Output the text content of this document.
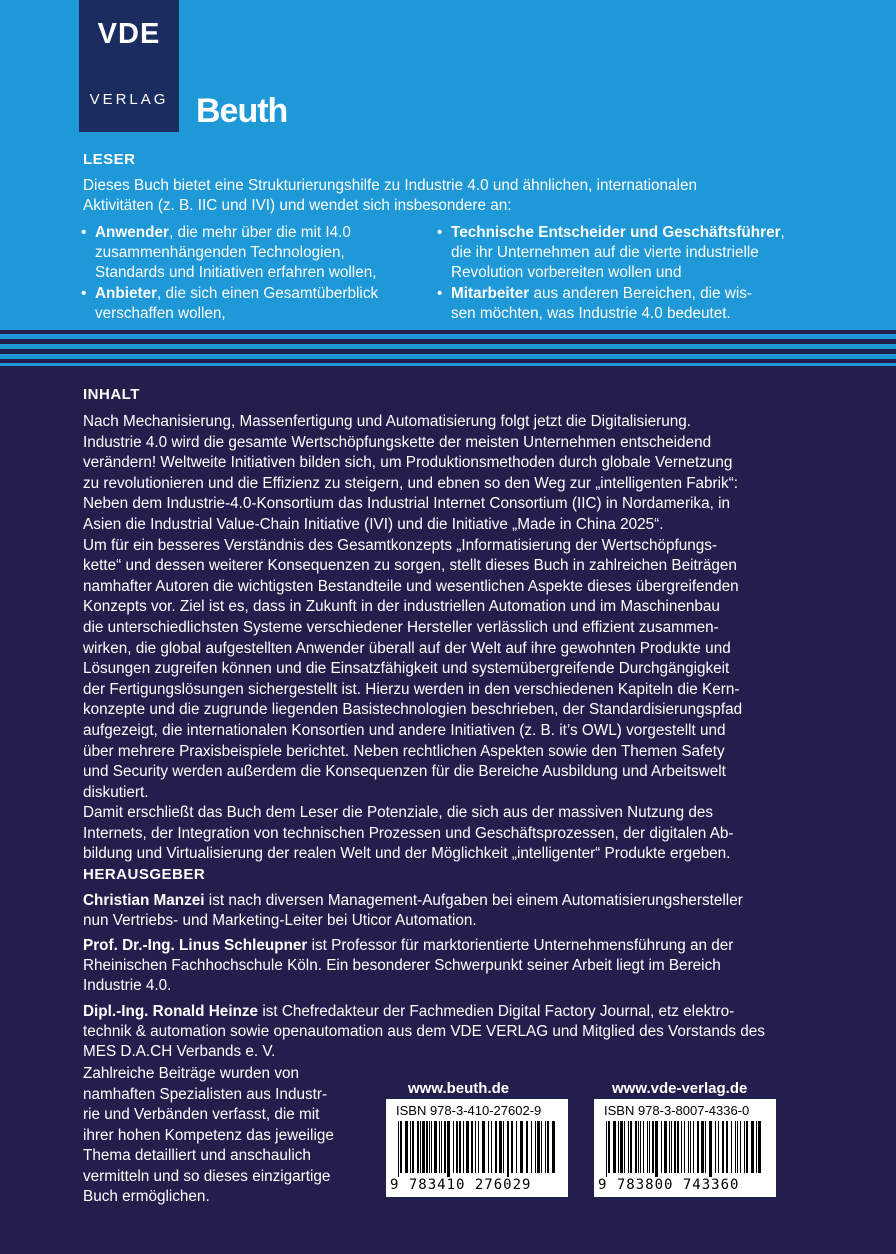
VDE
VERLAG Beuth
LESER

Dieses Buch bietet eine Strukturierungshilfe zu Industrie 4.0 und ähnlichen, internationalen
Aktivitäten (z. B. IIC und IVI) und wendet sich insbesondere an:

• Anwender, die mehr über die mit I4.0
zusammenhängenden Technologien,
Standards und Initiativen erfahren wollen,
• Anbieter, die sich einen Gesamtüberblick
verschaffen wollen,
• Technische Entscheider und Geschäftsführer,
die ihr Unternehmen auf die vierte industrielle
Revolution vorbereiten wollen und
• Mitarbeiter aus anderen Bereichen, die wis-
sen möchten, was Industrie 4.0 bedeutet.
INHALT

Nach Mechanisierung, Massenfertigung und Automatisierung folgt jetzt die Digitalisierung.
Industrie 4.0 wird die gesamte Wertschöpfungskette der meisten Unternehmen entscheidend
verändern! Weltweite Initiativen bilden sich, um Produktionsmethoden durch globale Vernetzung
zu revolutionieren und die Effizienz zu steigern, und ebnen so den Weg zur „intelligenten Fabrik“:
Neben dem Industrie-4.0-Konsortium das Industrial Internet Consortium (IIC) in Nordamerika, in
Asien die Industrial Value-Chain Initiative (IVI) und die Initiative „Made in China 2025“.
Um für ein besseres Verständnis des Gesamtkonzepts „Informatisierung der Wertschöpfungs-
kette“ und dessen weiterer Konsequenzen zu sorgen, stellt dieses Buch in zahlreichen Beiträgen
namhafter Autoren die wichtigsten Bestandteile und wesentlichen Aspekte dieses übergreifenden
Konzepts vor. Ziel ist es, dass in Zukunft in der industriellen Automation und im Maschinenbau
die unterschiedlichsten Systeme verschiedener Hersteller verlässlich und effizient zusammen-
wirken, die global aufgestellten Anwender überall auf der Welt auf ihre gewohnten Produkte und
Lösungen zugreifen können und die Einsatzfähigkeit und systemübergreifende Durchgängigkeit
der Fertigungslösungen sichergestellt ist. Hierzu werden in den verschiedenen Kapiteln die Kern-
konzepte und die zugrunde liegenden Basistechnologien beschrieben, der Standardisierungspfad
aufgezeigt, die internationalen Konsortien und andere Initiativen (z. B. it’s OWL) vorgestellt und
über mehrere Praxisbeispiele berichtet. Neben rechtlichen Aspekten sowie den Themen Safety
und Security werden außerdem die Konsequenzen für die Bereiche Ausbildung und Arbeitswelt
diskutiert.
Damit erschließt das Buch dem Leser die Potenziale, die sich aus der massiven Nutzung des
Internets, der Integration von technischen Prozessen und Geschäftsprozessen, der digitalen Ab-
bildung und Virtualisierung der realen Welt und der Möglichkeit „intelligenter“ Produkte ergeben.

HERAUSGEBER

Christian Manzei ist nach diversen Management-Aufgaben bei einem Automatisierungshersteller
nun Vertriebs- und Marketing-Leiter bei Uticor Automation.

Prof. Dr.-Ing. Linus Schleupner ist Professor für marktorientierte Unternehmensführung an der
Rheinischen Fachhochschule Köln. Ein besonderer Schwerpunkt seiner Arbeit liegt im Bereich
Industrie 4.0.

Dipl.-Ing. Ronald Heinze ist Chefredakteur der Fachmedien Digital Factory Journal, etz elektro-
technik & automation sowie openautomation aus dem VDE VERLAG und Mitglied des Vorstands des
MES D.A.CH Verbands e. V.

Zahlreiche Beiträge wurden von
namhaften Spezialisten aus Industr-
rie und Verbänden verfasst, die mit
ihrer hohen Kompetenz das jeweilige
Thema detailliert und anschaulich
vermitteln und so dieses einzigartige
Buch ermöglichen.

www.beuth.de	www.vde-verlag.de
ISBN 978-3-410-27602-9
9 783410 276029
ISBN 978-3-8007-4336-0
9 783800 743360
